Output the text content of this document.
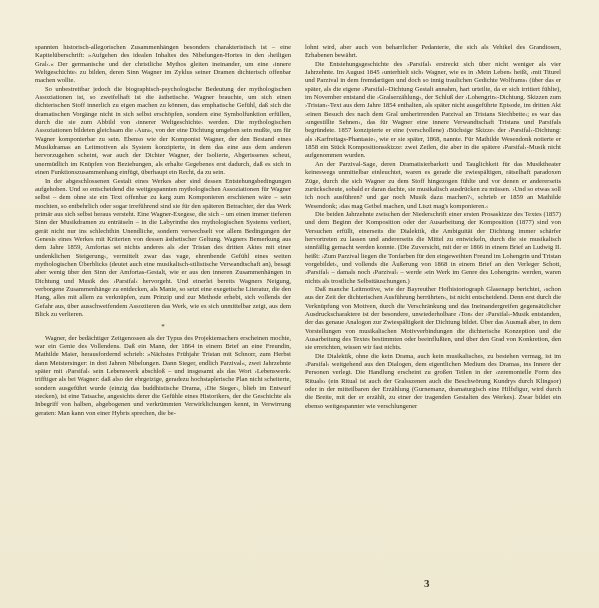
spannten historisch-allegorischen Zusammenhängen besonders charakteristisch ist – eine Kapitelüberschrift: »Aufgehen des idealen Inhaltes des Nibelungen-Hortes in den ›heiligen Gral‹.« Der germanische und der christliche Mythos gleiten ineinander, um eine ›innere Weltgeschichte‹ zu bilden, deren Sinn Wagner im Zyklus seiner Dramen dichterisch offenbar machen wollte.

So unbestreitbar jedoch die biographisch-psychologische Bedeutung der mythologischen Assoziationen ist, so zweifelhaft ist die ästhetische. Wagner brauchte, um sich einen dichterischen Stoff innerlich zu eigen machen zu können, das emphatische Gefühl, daß sich die dramatischen Vorgänge nicht in sich selbst erschöpfen, sondern eine Symbolfunktion erfüllen, durch die sie zum Abbild von ›innerer Weltgeschichte‹ werden. Die mythologischen Assoziationen bildeten gleichsam die ›Aura‹, von der eine Dichtung umgeben sein mußte, um für Wagner komponierbar zu sein. Ebenso wie der Komponist Wagner, der den Bestand eines Musikdramas an Leitmotiven als System konzipierte, in dem das eine aus dem anderen hervorzugehen scheint, war auch der Dichter Wagner, der Isolierte, Abgerissenes scheut, unermüdlich im Knüpfen von Beziehungen, als erhalte Gegebenes erst dadurch, daß es sich in einen Funktionszusammenhang einfügt, überhaupt ein Recht, da zu sein.

In der abgeschlossenen Gestalt eines Werkes aber sind dessen Entstehungsbedingungen aufgehoben. Und so entscheidend die weitgespannten mythologischen Assoziationen für Wagner selbst – dem ohne sie ein Text offenbar zu karg zum Komponieren erschienen wäre – sein mochten, so entbehrlich oder sogar irreführend sind sie für den späteren Betrachter, der das Werk primär aus sich selbst heraus versteht. Eine Wagner-Exegese, die sich – um einen immer tieferen Sinn der Musikdramen zu enträtseln – in die Labyrinthe des mythologischen Systems verliert, gerät nicht nur ins schlechthin Unendliche, sondern verwechselt vor allem Bedingungen der Genesis eines Werkes mit Kriterien von dessen ästhetischer Geltung. Wagners Bemerkung aus dem Jahre 1859, Amfortas sei nichts anderes als ›der Tristan des dritten Aktes mit einer undenklichen Steigerung‹, vermittelt zwar das vage, ehrenbende Gefühl eines weiten mythologischen Überblicks (deutet auch eine musikalisch-stilistische Verwandtschaft an), besagt aber wenig über den Sinn der Amfortas-Gestalt, wie er aus den inneren Zusammenhängen in Dichtung und Musik des ›Parsifal‹ hervorgeht. Und einerlei bereits Wagners Neigung, verborgene Zusammenhänge zu entdecken, als Manie, so setzt eine exegetische Literatur, die den Hang, alles mit allem zu verknüpfen, zum Prinzip und zur Methode erhebt, sich vollends der Gefahr aus, über ausschweifendem Assoziieren das Werk, wie es sich unmittelbar zeigt, aus dem Blick zu verlieren.

*

Wagner, der bedächtiger Zeitgenossen als der Typus des Projektemachers erscheinen mochte, war ein Genie des Vollendens. Daß ein Mann, der 1864 in einem Brief an eine Freundin, Mathilde Maier, herausfordernd schrieb: »Nächstes Frühjahr Tristan mit Schnorr, zum Herbst dann Meistersinger: in drei Jahren Nibelungen. Dann Sieger, endlich Parzival«, zwei Jahrzehnte später mit ›Parsifal‹ sein Lebenswerk abschloß – und insgesamt als das Wort ›Lebenswerk‹ trifftiger als bei Wagner: daß also der ehrgeizige, geradezu hochstaplerische Plan nicht scheiterte, sondern ausgeführt wurde (einzig das buddhistische Drama, ›Die Sieger‹, blieb im Entwurf stecken), ist eine Tatsache, angesichts derer die Gefühle eines Historikers, der die Geschichte als Inbegriff von halben, abgebogenen und verkrümmten Verwirklichungen kennt, in Verwirrung geraten: Man kann von einer Hybris sprechen, die be-

lohnt wird, aber auch von beharrlicher Pedanterie, die sich als Vehikel des Grandiosen, Erhabenen bewährt.

Die Entstehungsgeschichte des ›Parsifal‹ erstreckt sich über nicht weniger als vier Jahrzehnte. Im August 1845 ›unterhielt sich‹ Wagner, wie es in ›Mein Leben‹ heißt, ›mit Titurel und Parzival in dem fremdartigen und doch so innig traulichen Gedichte Wolframs‹ (über das er später, als die eigene ›Parsifal‹-Dichtung Gestalt annahm, hart urteilte, da er sich irritiert fühlte), im November entstand die ›Gralserzählung‹, der Schluß der ›Lohengrin‹-Dichtung. Skizzen zum ›Tristan‹-Text aus dem Jahre 1854 enthalten, als später nicht ausgeführte Episode, im dritten Akt ›einen Besuch des nach dem Gral umherirrenden Parzival an Tristans Siechbette‹; es war das ›ungestillte Sehnen‹, das für Wagner eine innere Verwandtschaft Tristans und Parsifals begründete. 1857 konzipierte er eine (verschollene) ›Büchsige Skizze‹ der ›Parsifal‹-Dichtung: als ›Karfreitags-Phantasie‹, wie er sie später, 1868, nannte. Für Mathilde Wesendonk notierte er 1858 ein Stück Kompositionsskizze: zwei Zeilen, die aber in die spätere ›Parsifal‹-Musik nicht aufgenommen wurden.

An der Parzival-Sage, deren Dramatisierbarkeit und Tauglichkeit für das Musiktheater keineswegs unmittelbar einleuchtet, waren es gerade die zwiespältigen, rätselhaft paradoxen Züge, durch die sich Wagner zu dem Stoff hingezogen fühlte und vor denen er andererseits zurückscheute, sobald er daran dachte, sie musikalisch ausdrücken zu müssen. ›Und so etwas soll ich noch ausführen? und gar noch Musik dazu machen?‹, schrieb er 1859 an Mathilde Wesendonk; ›das mag Geibel machen, und Liszt mag's komponieren.‹

Die beiden Jahrzehnte zwischen der Niederschrift einer ersten Prosaskizze des Textes (1857) und dem Beginn der Komposition oder der Ausarbeitung der Komposition (1877) sind von Versuchen erfüllt, einerseits die Dialektik, die Ambiguität der Dichtung immer schärfer hervortreten zu lassen und andererseits die Mittel zu entwickeln, durch die sie musikalisch sinnfällig gemacht werden konnte. (Die Zuversicht, mit der er 1866 in einem Brief an Ludwig II. heißt: ›Zum Parzival liegen die Tonfarben für den eingeweihten Freund im Lohengrin und Tristan vorgebildet‹, und vollends die Äußerung von 1868 in einem Brief an den Verleger Schott, ›Parsifal‹ – damals noch ›Parzival‹ – werde ›ein Werk im Genre des Lohengrin‹ werden, waren nichts als trostliche Selbsttäuschungen.)

Daß manche Leitmotive, wie der Bayreuther Hofhistoriograph Glasenapp berichtet, ›schon aus der Zeit der dichterischen Ausführung herrührten‹, ist nicht entscheidend. Denn erst durch die Verknüpfung von Motiven, durch die Verschränkung und das Ineinandergreifen gegensätzlicher Ausdruckscharaktere ist der besondere, unwiederholbare ›Ton‹ der ›Parsifal‹-Musik entstanden, der das genaue Analogon zur Zwiespältigkeit der Dichtung bildet. Über das Ausmaß aber, in dem Vorstellungen von musikalischen Motivverbindungen die dichterische Konzeption und die Ausarbeitung des Textes bestimmten oder beeinflußten, und über den Grad von Konkretion, den sie erreichten, wissen wir fast nichts.

Die Dialektik, ohne die kein Drama, auch kein musikalisches, zu bestehen vermag, ist im ›Parsifal‹ weitgehend aus den Dialogen, dem eigentlichen Medium des Dramas, ins Innere der Personen verlegt. Die Handlung erscheint zu großen Teilen in der ›zeremonielle Form des Rituals‹ (ein Ritual ist auch der Gralsszenen auch die Beschwörung Kundrys durch Klingsor) oder in der mitteilbaren der Erzählung (Gurnemanz, dramaturgisch eine Hilfsfigur, wird durch die Breite, mit der er erzählt, zu einer der tragenden Gestalten des Werkes). Zwar bildet ein ebenso weitgespannter wie verschlungener

3
